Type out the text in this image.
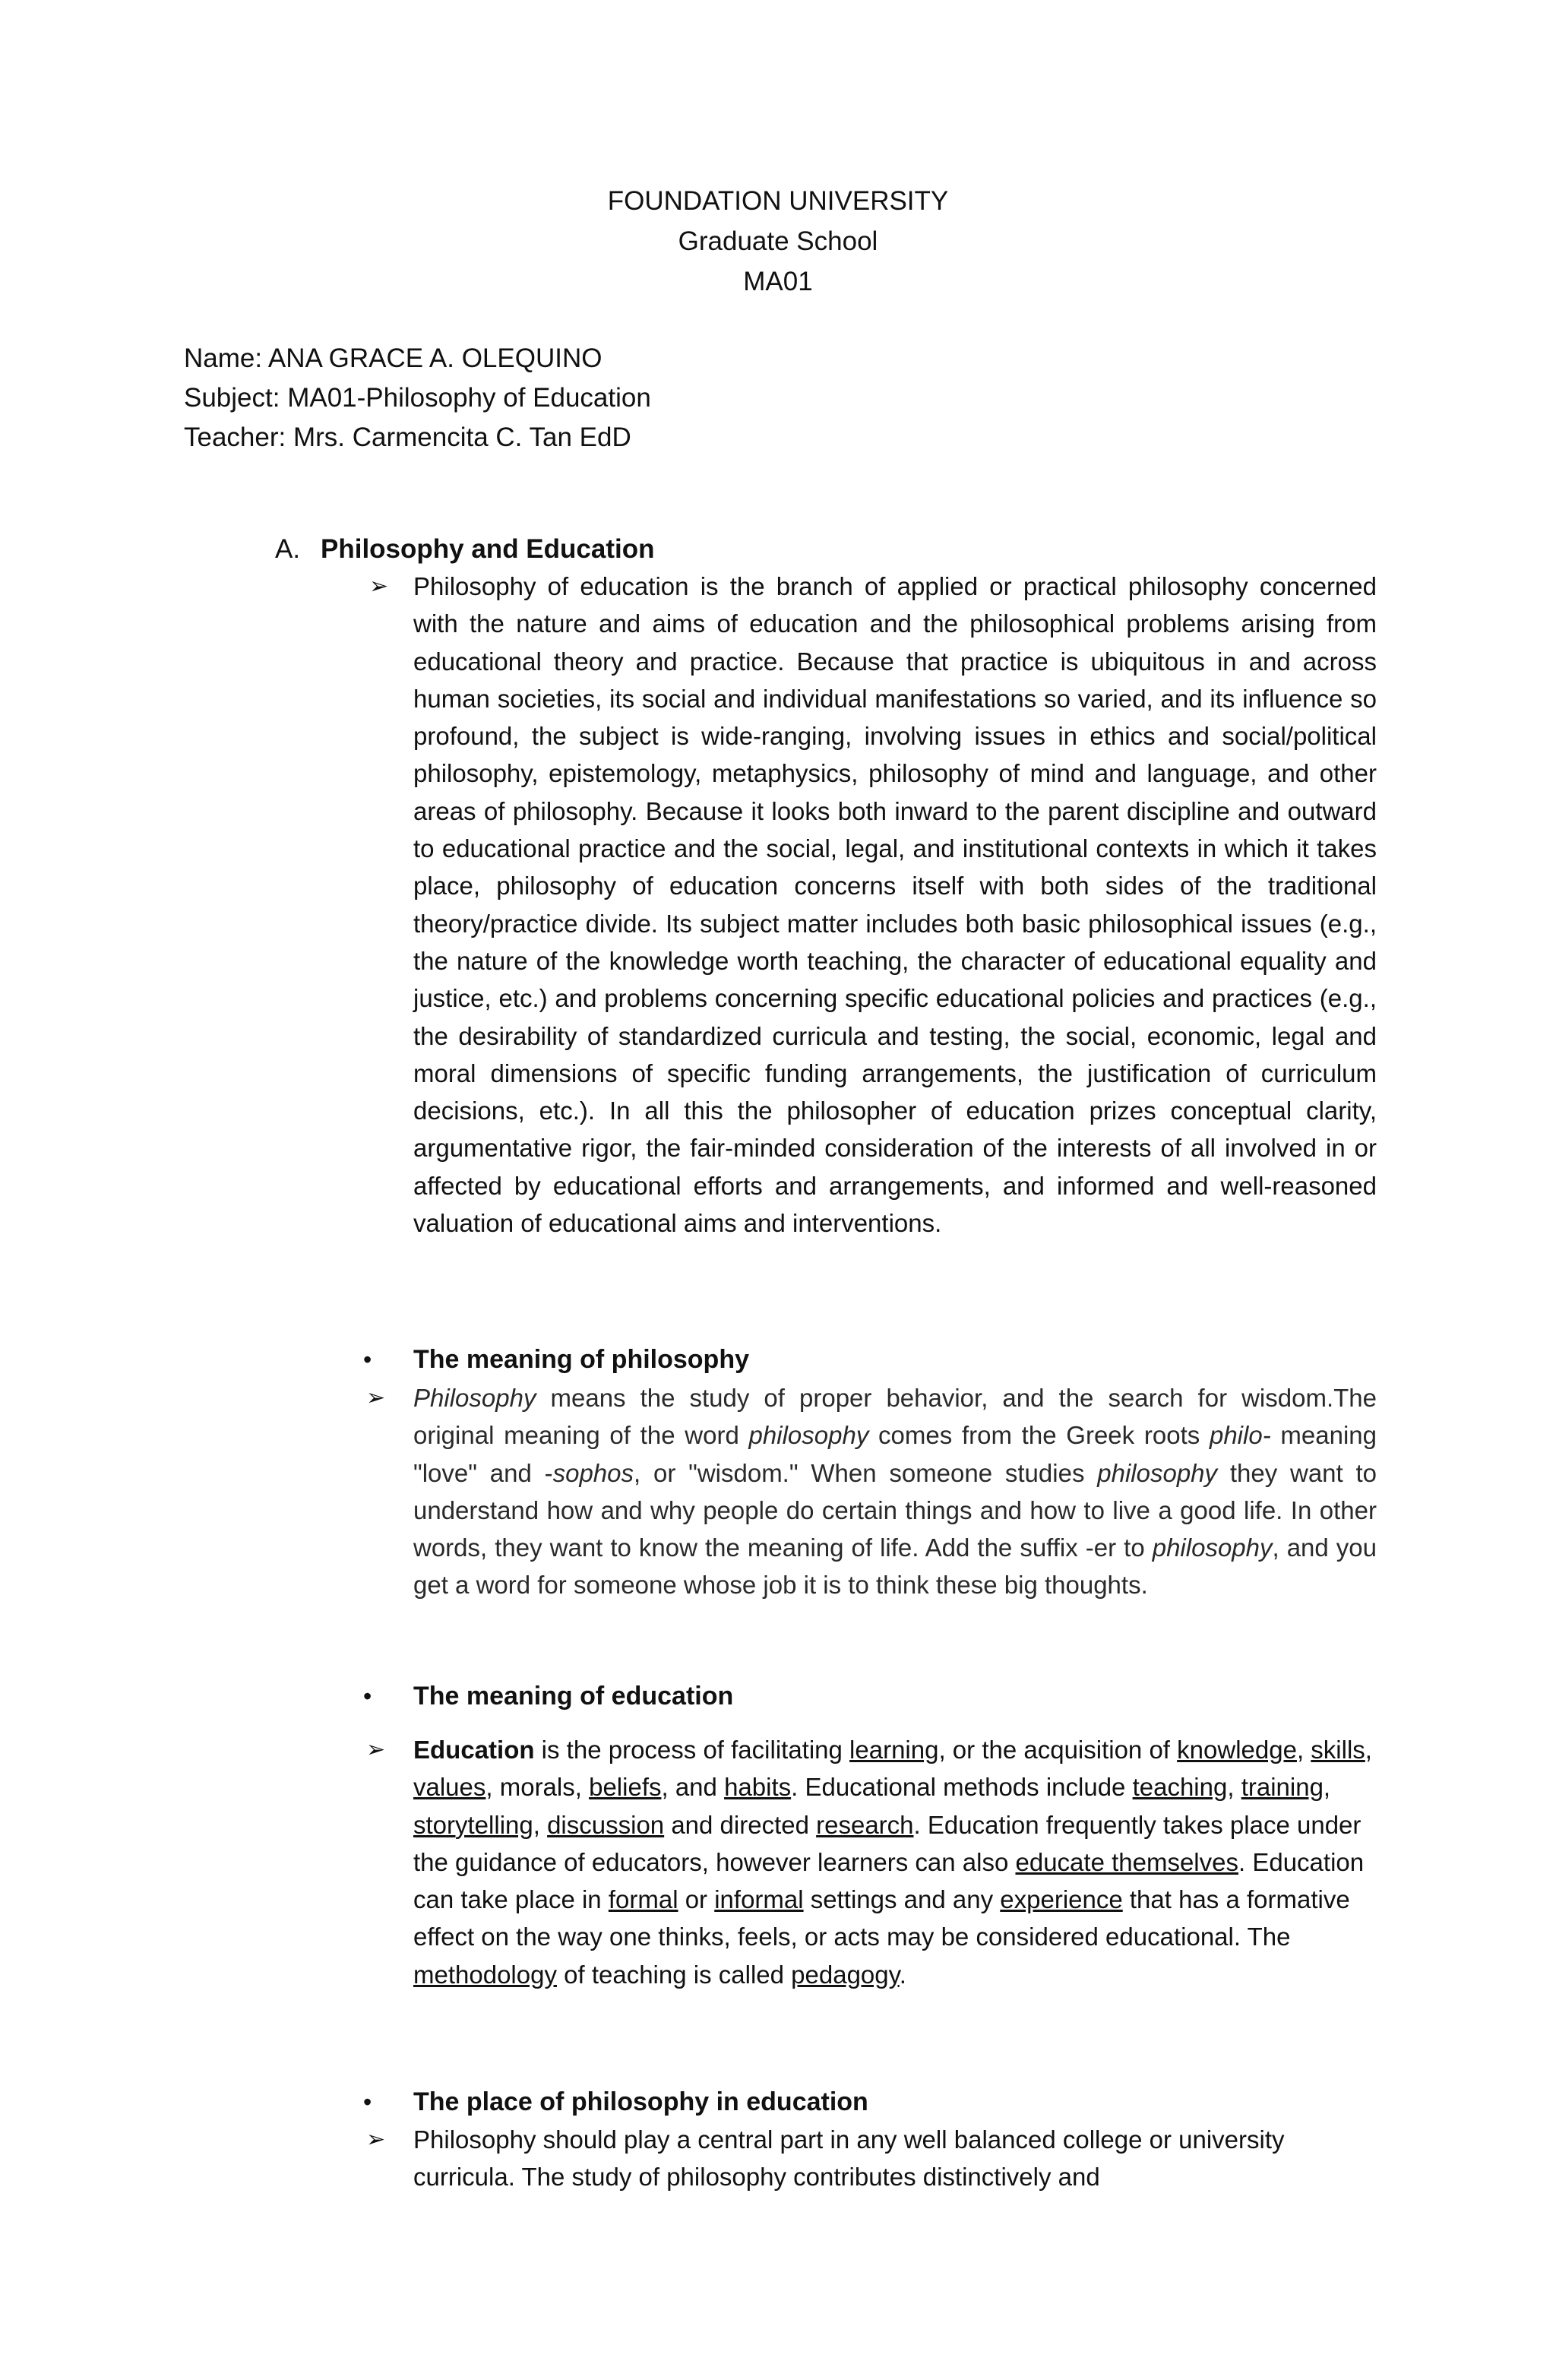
FOUNDATION UNIVERSITY
Graduate School
MA01
Name: ANA GRACE A. OLEQUINO
Subject: MA01-Philosophy of Education
Teacher: Mrs. Carmencita C. Tan EdD
A. Philosophy and Education
➢ Philosophy of education is the branch of applied or practical philosophy concerned with the nature and aims of education and the philosophical problems arising from educational theory and practice. Because that practice is ubiquitous in and across human societies, its social and individual manifestations so varied, and its influence so profound, the subject is wide-ranging, involving issues in ethics and social/political philosophy, epistemology, metaphysics, philosophy of mind and language, and other areas of philosophy. Because it looks both inward to the parent discipline and outward to educational practice and the social, legal, and institutional contexts in which it takes place, philosophy of education concerns itself with both sides of the traditional theory/practice divide. Its subject matter includes both basic philosophical issues (e.g., the nature of the knowledge worth teaching, the character of educational equality and justice, etc.) and problems concerning specific educational policies and practices (e.g., the desirability of standardized curricula and testing, the social, economic, legal and moral dimensions of specific funding arrangements, the justification of curriculum decisions, etc.). In all this the philosopher of education prizes conceptual clarity, argumentative rigor, the fair-minded consideration of the interests of all involved in or affected by educational efforts and arrangements, and informed and well-reasoned valuation of educational aims and interventions.
• The meaning of philosophy
➢ Philosophy means the study of proper behavior, and the search for wisdom.The original meaning of the word philosophy comes from the Greek roots philo- meaning "love" and -sophos, or "wisdom." When someone studies philosophy they want to understand how and why people do certain things and how to live a good life. In other words, they want to know the meaning of life. Add the suffix -er to philosophy, and you get a word for someone whose job it is to think these big thoughts.
• The meaning of education
➢ Education is the process of facilitating learning, or the acquisition of knowledge, skills, values, morals, beliefs, and habits. Educational methods include teaching, training, storytelling, discussion and directed research. Education frequently takes place under the guidance of educators, however learners can also educate themselves. Education can take place in formal or informal settings and any experience that has a formative effect on the way one thinks, feels, or acts may be considered educational. The methodology of teaching is called pedagogy.
• The place of philosophy in education
➢ Philosophy should play a central part in any well balanced college or university curricula. The study of philosophy contributes distinctively and
